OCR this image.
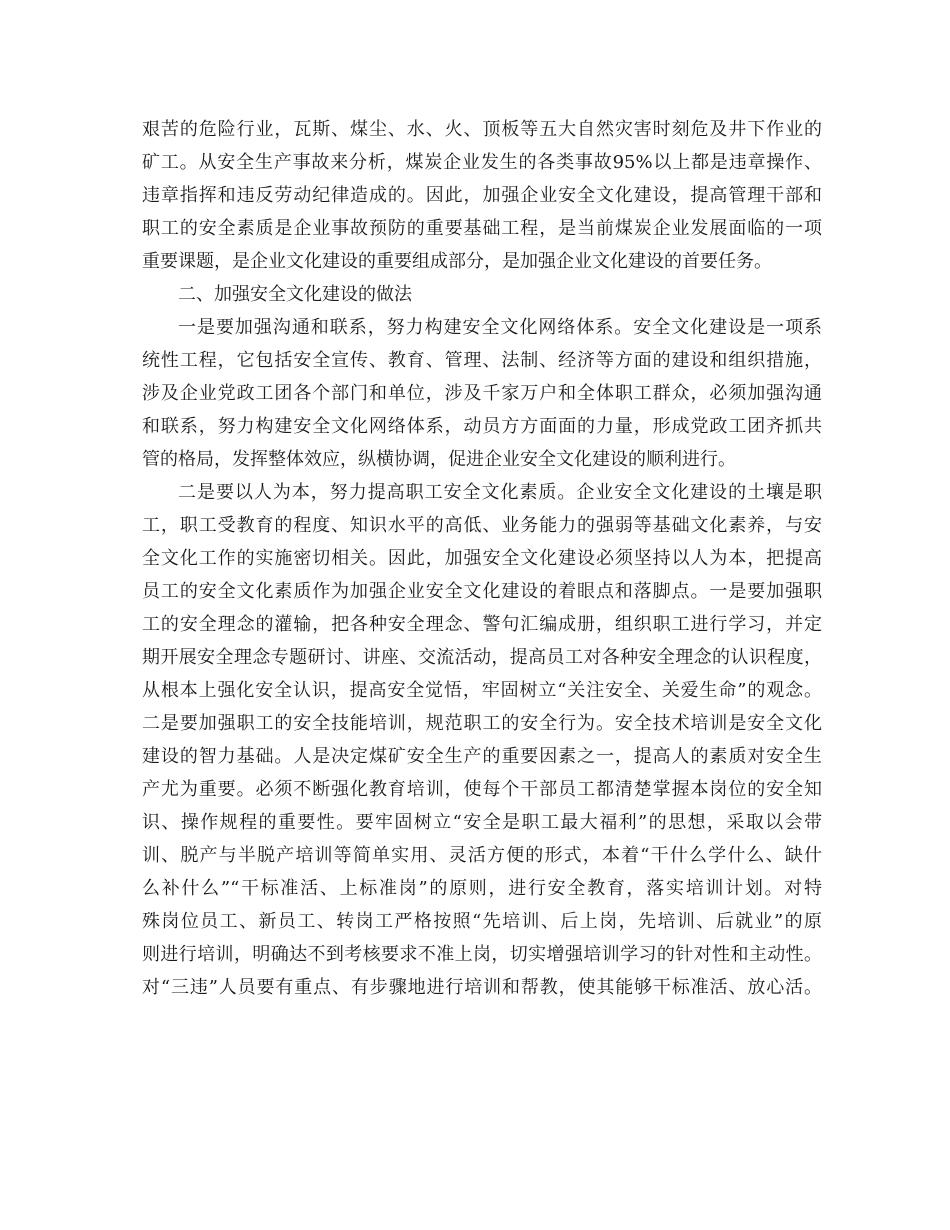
艰苦的危险行业，瓦斯、煤尘、水、火、顶板等五大自然灾害时刻危及井下作业的
矿工。从安全生产事故来分析，煤炭企业发生的各类事故95%以上都是违章操作、
违章指挥和违反劳动纪律造成的。因此，加强企业安全文化建设，提高管理干部和
职工的安全素质是企业事故预防的重要基础工程，是当前煤炭企业发展面临的一项
重要课题，是企业文化建设的重要组成部分，是加强企业文化建设的首要任务。
二、加强安全文化建设的做法
一是要加强沟通和联系，努力构建安全文化网络体系。安全文化建设是一项系
统性工程，它包括安全宣传、教育、管理、法制、经济等方面的建设和组织措施，
涉及企业党政工团各个部门和单位，涉及千家万户和全体职工群众，必须加强沟通
和联系，努力构建安全文化网络体系，动员方方面面的力量，形成党政工团齐抓共
管的格局，发挥整体效应，纵横协调，促进企业安全文化建设的顺利进行。
二是要以人为本，努力提高职工安全文化素质。企业安全文化建设的土壤是职
工，职工受教育的程度、知识水平的高低、业务能力的强弱等基础文化素养，与安
全文化工作的实施密切相关。因此，加强安全文化建设必须坚持以人为本，把提高
员工的安全文化素质作为加强企业安全文化建设的着眼点和落脚点。一是要加强职
工的安全理念的灌输，把各种安全理念、警句汇编成册，组织职工进行学习，并定
期开展安全理念专题研讨、讲座、交流活动，提高员工对各种安全理念的认识程度，
从根本上强化安全认识，提高安全觉悟，牢固树立“关注安全、关爱生命”的观念。
二是要加强职工的安全技能培训，规范职工的安全行为。安全技术培训是安全文化
建设的智力基础。人是决定煤矿安全生产的重要因素之一，提高人的素质对安全生
产尤为重要。必须不断强化教育培训，使每个干部员工都清楚掌握本岗位的安全知
识、操作规程的重要性。要牢固树立“安全是职工最大福利”的思想，采取以会带
训、脱产与半脱产培训等简单实用、灵活方便的形式，本着“干什么学什么、缺什
么补什么”“干标准活、上标准岗”的原则，进行安全教育，落实培训计划。对特
殊岗位员工、新员工、转岗工严格按照“先培训、后上岗，先培训、后就业”的原
则进行培训，明确达不到考核要求不准上岗，切实增强培训学习的针对性和主动性。
对“三违”人员要有重点、有步骤地进行培训和帮教，使其能够干标准活、放心活。
